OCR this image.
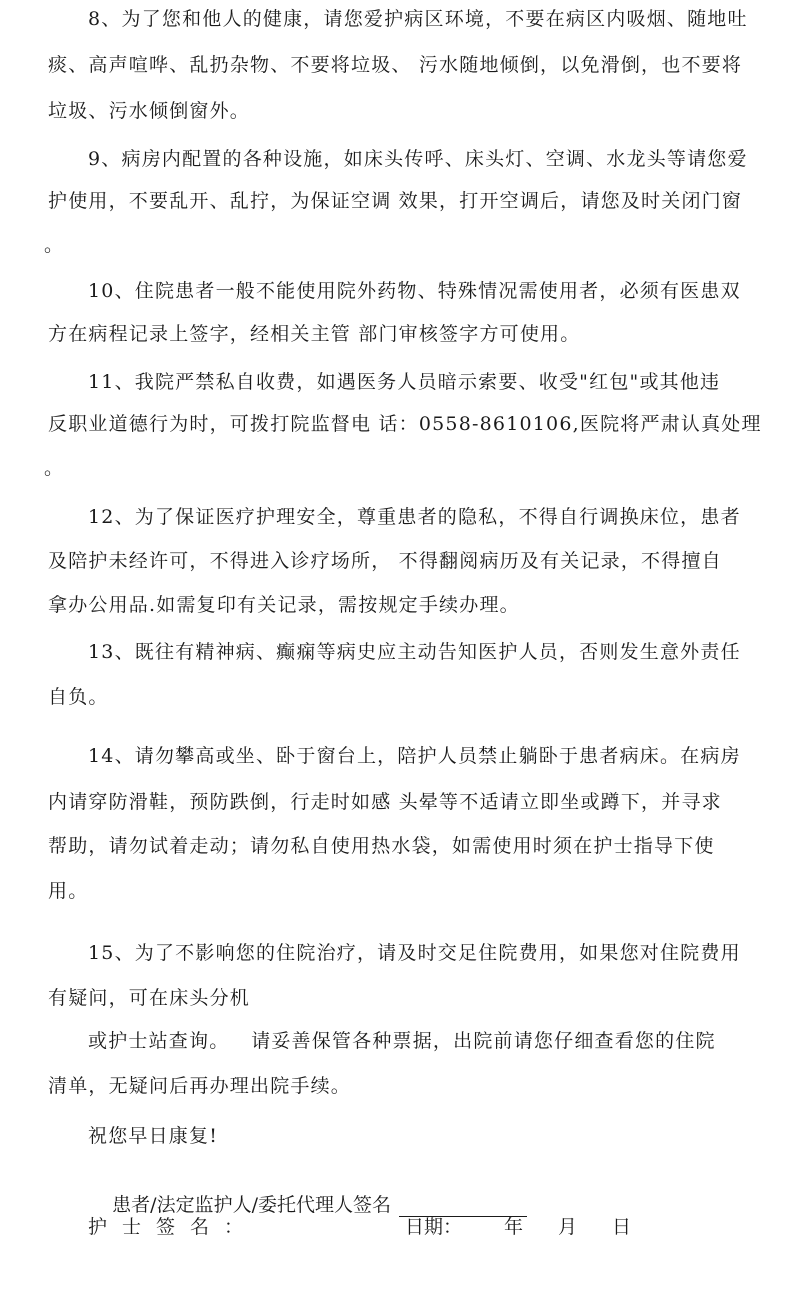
8、为了您和他人的健康，请您爱护病区环境，不要在病区内吸烟、随地吐
痰、高声喧哗、乱扔杂物、不要将垃圾、 污水随地倾倒，以免滑倒，也不要将
垃圾、污水倾倒窗外。
9、病房内配置的各种设施，如床头传呼、床头灯、空调、水龙头等请您爱
护使用，不要乱开、乱拧，为保证空调 效果，打开空调后，请您及时关闭门窗
。
10、住院患者一般不能使用院外药物、特殊情况需使用者，必须有医患双
方在病程记录上签字，经相关主管 部门审核签字方可使用。
11、我院严禁私自收费，如遇医务人员暗示索要、收受"红包"或其他违
反职业道德行为时，可拨打院监督电 话：0558-8610106,医院将严肃认真处理
。
12、为了保证医疗护理安全，尊重患者的隐私，不得自行调换床位，患者
及陪护未经许可，不得进入诊疗场所， 不得翻阅病历及有关记录，不得擅自
拿办公用品.如需复印有关记录，需按规定手续办理。
13、既往有精神病、癫痫等病史应主动告知医护人员，否则发生意外责任
自负。
14、请勿攀高或坐、卧于窗台上，陪护人员禁止躺卧于患者病床。在病房
内请穿防滑鞋，预防跌倒，行走时如感 头晕等不适请立即坐或蹲下，并寻求
帮助，请勿试着走动；请勿私自使用热水袋，如需使用时须在护士指导下使
用。
15、为了不影响您的住院治疗，请及时交足住院费用，如果您对住院费用
有疑问，可在床头分机
或护士站查询。   请妥善保管各种票据，出院前请您仔细查看您的住院
清单，无疑问后再办理出院手续。
祝您早日康复!

患者/法定监护人/委托代理人签名

护士签名：	日期： 年 月 日
